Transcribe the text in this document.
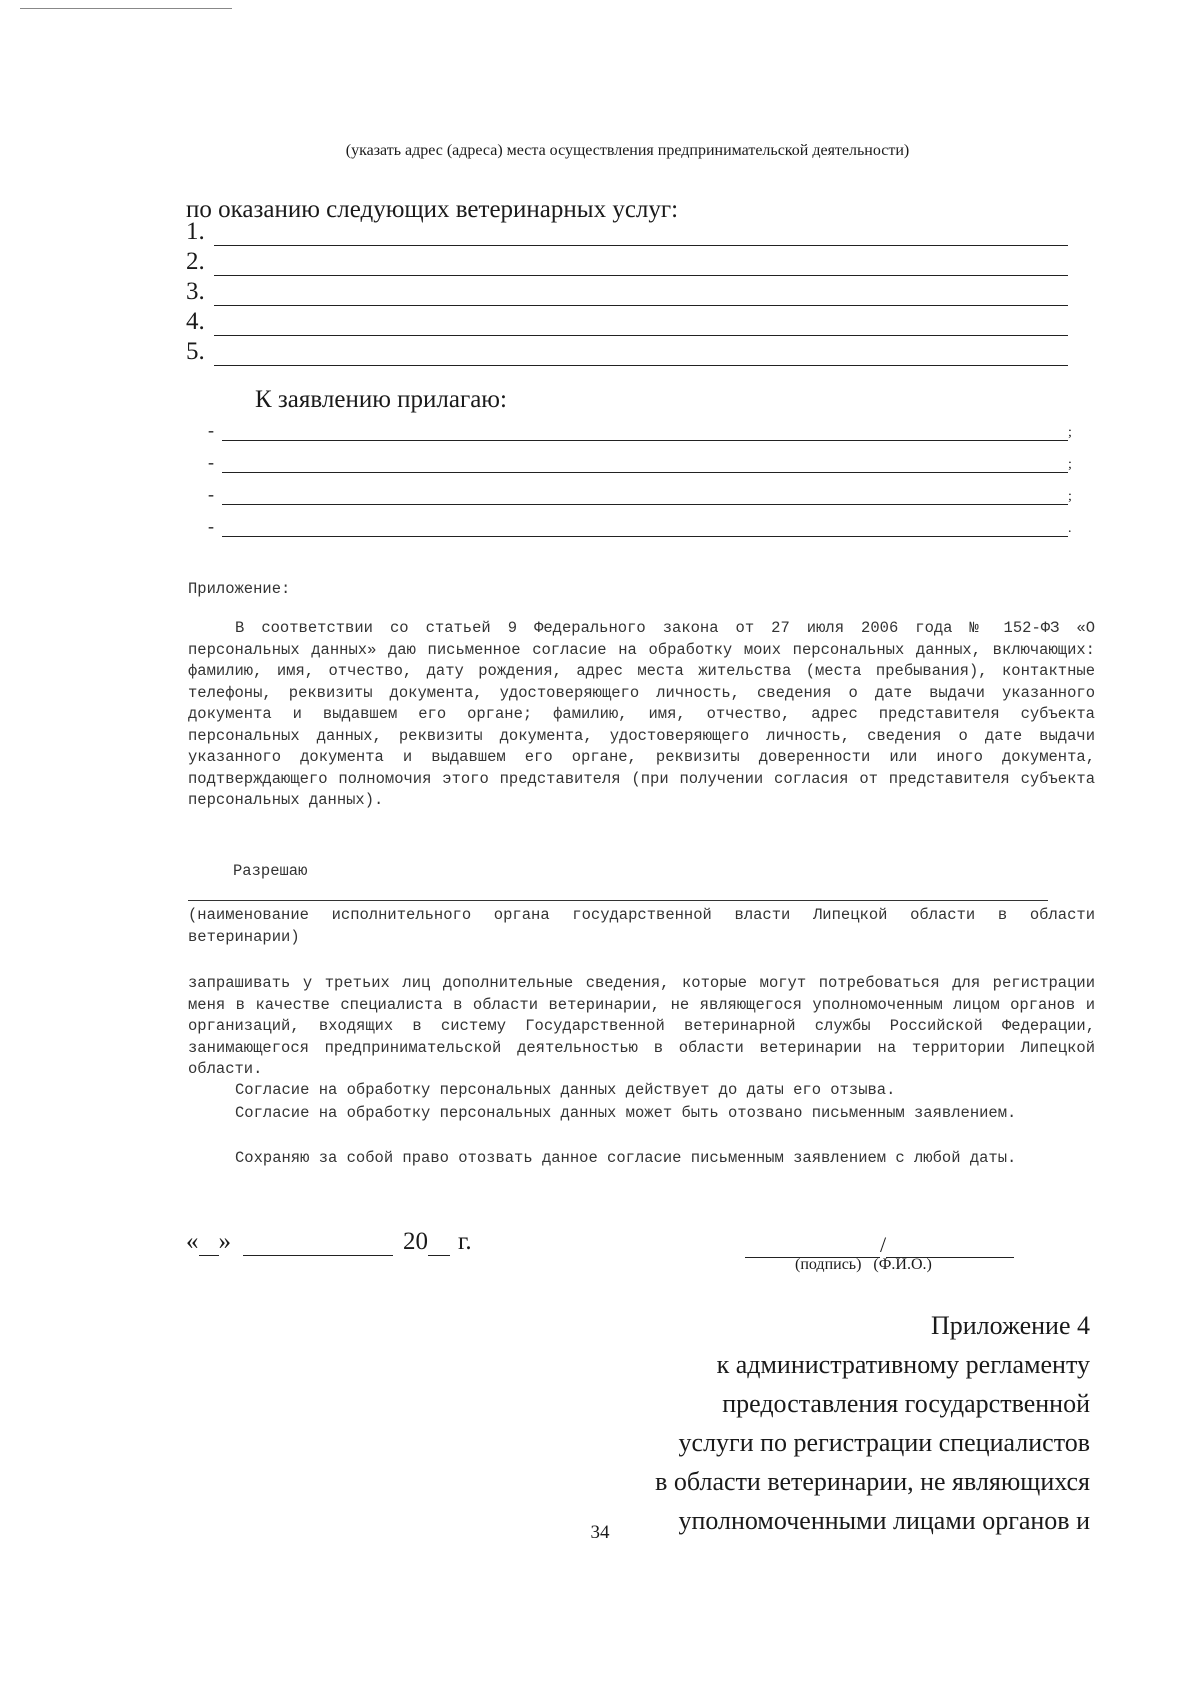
(указать адрес (адреса) места осуществления предпринимательской деятельности)
по оказанию следующих ветеринарных услуг:
1.
2.
3.
4.
5.
К заявлению прилагаю:
-	;
-	;
-	;
-	.
Приложение:

В соответствии со статьей 9 Федерального закона от 27 июля 2006 года № 152-ФЗ «О персональных данных» даю письменное согласие на обработку моих персональных данных, включающих: фамилию, имя, отчество, дату рождения, адрес места жительства (места пребывания), контактные телефоны, реквизиты документа, удостоверяющего личность, сведения о дате выдачи указанного документа и выдавшем его органе; фамилию, имя, отчество, адрес представителя субъекта персональных данных, реквизиты документа, удостоверяющего личность, сведения о дате выдачи указанного документа и выдавшем его органе, реквизиты доверенности или иного документа, подтверждающего полномочия этого представителя (при получении согласия от представителя субъекта персональных данных).

Разрешаю

(наименование исполнительного органа государственной власти Липецкой области в области ветеринарии)

запрашивать у третьих лиц дополнительные сведения, которые могут потребоваться для регистрации меня в качестве специалиста в области ветеринарии, не являющегося уполномоченным лицом органов и организаций, входящих в систему Государственной ветеринарной службы Российской Федерации, занимающегося предпринимательской деятельностью в области ветеринарии на территории Липецкой области.

Согласие на обработку персональных данных действует до даты его отзыва.

Согласие на обработку персональных данных может быть отозвано письменным заявлением.

Сохраняю за собой право отозвать данное согласие письменным заявлением с любой даты.

« »	20 г.	/
(подпись)   (Ф.И.О.)
Приложение 4
к административному регламенту
предоставления государственной
услуги по регистрации специалистов
в области ветеринарии, не являющихся
уполномоченными лицами органов и
34
